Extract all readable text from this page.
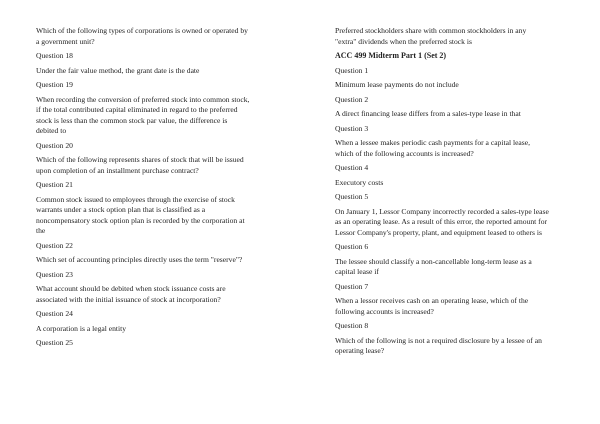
Which of the following types of corporations is owned or operated by
a government unit?

Question 18

Under the fair value method, the grant date is the date

Question 19

When recording the conversion of preferred stock into common stock,
if the total contributed capital eliminated in regard to the preferred
stock is less than the common stock par value, the difference is
debited to

Question 20

Which of the following represents shares of stock that will be issued
upon completion of an installment purchase contract?

Question 21

Common stock issued to employees through the exercise of stock
warrants under a stock option plan that is classified as a
noncompensatory stock option plan is recorded by the corporation at
the

Question 22

Which set of accounting principles directly uses the term "reserve"?

Question 23

What account should be debited when stock issuance costs are
associated with the initial issuance of stock at incorporation?

Question 24

A corporation is a legal entity

Question 25

Preferred stockholders share with common stockholders in any
"extra" dividends when the preferred stock is

ACC 499 Midterm Part 1 (Set 2)

Question 1

Minimum lease payments do not include

Question 2

A direct financing lease differs from a sales-type lease in that

Question 3

When a lessee makes periodic cash payments for a capital lease,
which of the following accounts is increased?

Question 4

Executory costs

Question 5

On January 1, Lessor Company incorrectly recorded a sales-type lease
as an operating lease. As a result of this error, the reported amount for
Lessor Company's property, plant, and equipment leased to others is

Question 6

The lessee should classify a non-cancellable long-term lease as a
capital lease if

Question 7

When a lessor receives cash on an operating lease, which of the
following accounts is increased?

Question 8

Which of the following is not a required disclosure by a lessee of an
operating lease?
